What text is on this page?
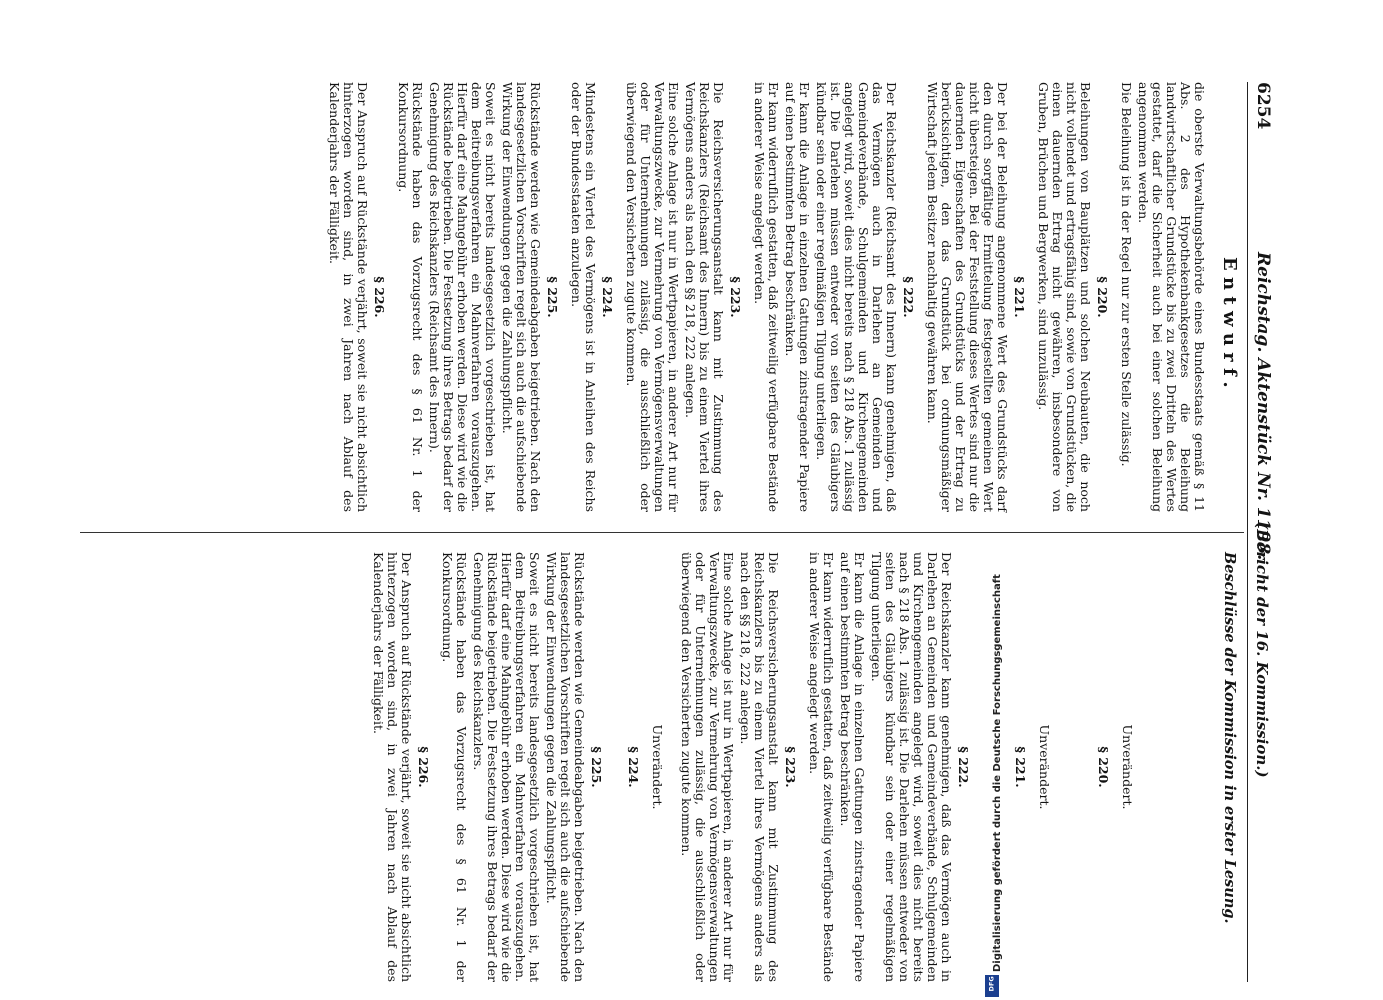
6254
Reichstag. Aktenstück Nr. 1198.
(Bericht der 16. Kommission.)
Entwurf.
Beschlüsse der Kommission in erster Lesung.

die oberste Verwaltungsbehörde eines Bundesstaats gemäß § 11 Abs. 2 des Hypothekenbankgesetzes die Beleihung landwirtschaftlicher Grundstücke bis zu zwei Dritteln des Wertes gestattet, darf die Sicherheit auch bei einer solchen Beleihung angenommen werden.

Die Beleihung ist in der Regel nur zur ersten Stelle zulässig.

§ 220.

Beleihungen von Bauplätzen und solchen Neubauten, die noch nicht vollendet und ertragsfähig sind, sowie von Grundstücken, die einen dauernden Ertrag nicht gewähren, insbesondere von Gruben, Brüchen und Bergwerken, sind unzulässig.

§ 221.

Der bei der Beleihung angenommene Wert des Grundstücks darf den durch sorgfältige Ermittelung festgestellten gemeinen Wert nicht übersteigen. Bei der Feststellung dieses Wertes sind nur die dauernden Eigenschaften des Grundstücks und der Ertrag zu berücksichtigen, den das Grundstück bei ordnungsmäßiger Wirtschaft jedem Besitzer nachhaltig gewähren kann.

§ 222.

Der Reichskanzler (Reichsamt des Innern) kann genehmigen, daß das Vermögen auch in Darlehen an Gemeinden und Gemeindeverbände, Schulgemeinden und Kirchengemeinden angelegt wird, soweit dies nicht bereits nach § 218 Abs. 1 zulässig ist. Die Darlehen müssen entweder von seiten des Gläubigers kündbar sein oder einer regelmäßigen Tilgung unterliegen.

Er kann die Anlage in einzelnen Gattungen zinstragender Papiere auf einen bestimmten Betrag beschränken.

Er kann widerruflich gestatten, daß zeitweilig verfügbare Bestände in anderer Weise angelegt werden.

§ 223.

Die Reichsversicherungsanstalt kann mit Zustimmung des Reichskanzlers (Reichsamt des Innern) bis zu einem Viertel ihres Vermögens anders als nach den §§ 218, 222 anlegen.

Eine solche Anlage ist nur in Wertpapieren, in anderer Art nur für Verwaltungszwecke, zur Vermehrung von Vermögensverwaltungen oder für Unternehmungen zulässig, die ausschließlich oder überwiegend den Versicherten zugute kommen.

§ 224.

Mindestens ein Viertel des Vermögens ist in Anleihen des Reichs oder der Bundesstaaten anzulegen.

§ 225.

Rückstände werden wie Gemeindeabgaben beigetrieben. Nach den landesgesetzlichen Vorschriften regelt sich auch die aufschiebende Wirkung der Einwendungen gegen die Zahlungspflicht.

Soweit es nicht bereits landesgesetzlich vorgeschrieben ist, hat dem Beitreibungsverfahren ein Mahnverfahren vorauszugehen. Hierfür darf eine Mahngebühr erhoben werden. Diese wird wie die Rückstände beigetrieben. Die Festsetzung ihres Betrags bedarf der Genehmigung des Reichskanzlers (Reichsamt des Innern).

Rückstände haben das Vorzugsrecht des § 61 Nr. 1 der Konkursordnung.

§ 226.

Der Anspruch auf Rückstände verjährt, soweit sie nicht absichtlich hinterzogen worden sind, in zwei Jahren nach Ablauf des Kalenderjahrs der Fälligkeit.

Unverändert.
§ 220.
Unverändert.
§ 221.
§ 222.

Der Reichskanzler kann genehmigen, daß das Vermögen auch in Darlehen an Gemeinden und Gemeindeverbände, Schulgemeinden und Kirchengemeinden angelegt wird, soweit dies nicht bereits nach § 218 Abs. 1 zulässig ist. Die Darlehen müssen entweder von seiten des Gläubigers kündbar sein oder einer regelmäßigen Tilgung unterliegen.

Er kann die Anlage in einzelnen Gattungen zinstragender Papiere auf einen bestimmten Betrag beschränken.

Er kann widerruflich gestatten, daß zeitweilig verfügbare Bestände in anderer Weise angelegt werden.

§ 223.

Die Reichsversicherungsanstalt kann mit Zustimmung des Reichskanzlers bis zu einem Viertel ihres Vermögens anders als nach den §§ 218, 222 anlegen.

Eine solche Anlage ist nur in Wertpapieren, in anderer Art nur für Verwaltungszwecke, zur Vermehrung von Vermögensverwaltungen oder für Unternehmungen zulässig, die ausschließlich oder überwiegend den Versicherten zugute kommen.

Unverändert.
§ 224.
§ 225.

Rückstände werden wie Gemeindeabgaben beigetrieben. Nach den landesgesetzlichen Vorschriften regelt sich auch die aufschiebende Wirkung der Einwendungen gegen die Zahlungspflicht.

Soweit es nicht bereits landesgesetzlich vorgeschrieben ist, hat dem Beitreibungsverfahren ein Mahnverfahren vorauszugehen. Hierfür darf eine Mahngebühr erhoben werden. Diese wird wie die Rückstände beigetrieben. Die Festsetzung ihres Betrags bedarf der Genehmigung des Reichskanzlers.

Rückstände haben das Vorzugsrecht des § 61 Nr. 1 der Konkursordnung.

§ 226.

Der Anspruch auf Rückstände verjährt, soweit sie nicht absichtlich hinterzogen worden sind, in zwei Jahren nach Ablauf des Kalenderjahrs der Fälligkeit.	Digitalisierung gefördert durch die Deutsche Forschungsgemeinschaft
DFG
